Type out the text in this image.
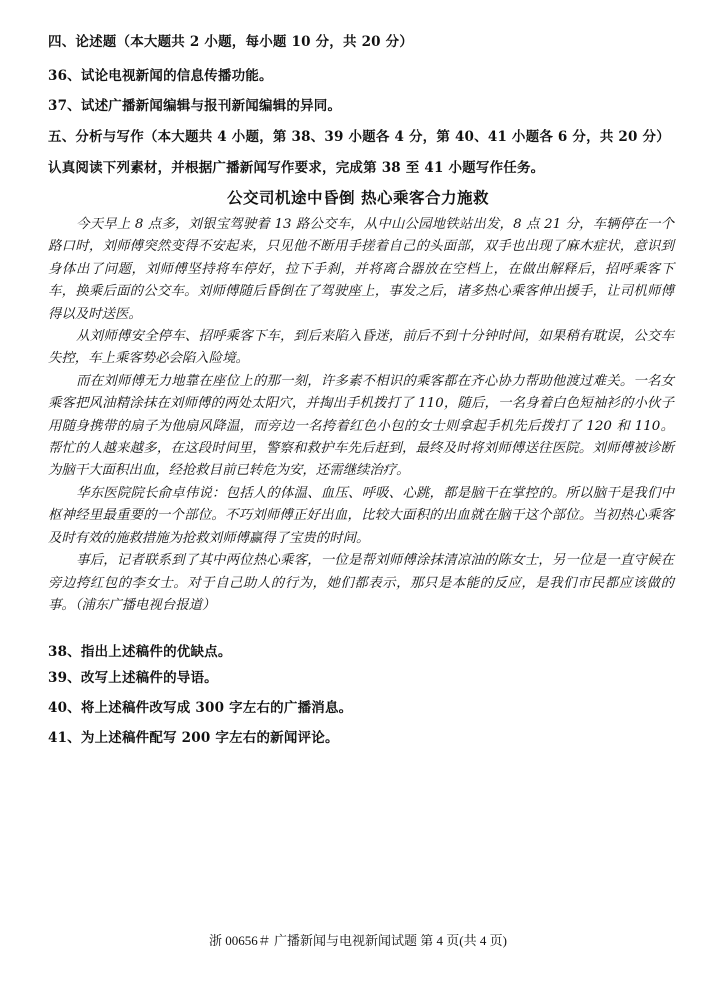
四、论述题（本大题共 2 小题，每小题 10 分，共 20 分）
36、试论电视新闻的信息传播功能。
37、试述广播新闻编辑与报刊新闻编辑的异同。
五、分析与写作（本大题共 4 小题，第 38、39 小题各 4 分，第 40、41 小题各 6 分，共 20 分）
认真阅读下列素材，并根据广播新闻写作要求，完成第 38 至 41 小题写作任务。
公交司机途中昏倒 热心乘客合力施救

今天早上 8 点多，刘银宝驾驶着 13 路公交车，从中山公园地铁站出发，8 点 21 分，车辆停在一个路口时，刘师傅突然变得不安起来，只见他不断用手搓着自己的头面部，双手也出现了麻木症状，意识到身体出了问题，刘师傅坚持将车停好，拉下手刹，并将离合器放在空档上，在做出解释后，招呼乘客下车，换乘后面的公交车。刘师傅随后昏倒在了驾驶座上，事发之后，诸多热心乘客伸出援手，让司机师傅得以及时送医。

从刘师傅安全停车、招呼乘客下车，到后来陷入昏迷，前后不到十分钟时间，如果稍有耽误，公交车失控，车上乘客势必会陷入险境。

而在刘师傅无力地靠在座位上的那一刻，许多素不相识的乘客都在齐心协力帮助他渡过难关。一名女乘客把风油精涂抹在刘师傅的两处太阳穴，并掏出手机拨打了 110，随后，一名身着白色短袖衫的小伙子用随身携带的扇子为他扇风降温，而旁边一名挎着红色小包的女士则拿起手机先后拨打了 120 和 110。帮忙的人越来越多，在这段时间里，警察和救护车先后赶到，最终及时将刘师傅送往医院。刘师傅被诊断为脑干大面积出血，经抢救目前已转危为安，还需继续治疗。

华东医院院长俞卓伟说：包括人的体温、血压、呼吸、心跳，都是脑干在掌控的。所以脑干是我们中枢神经里最重要的一个部位。不巧刘师傅正好出血，比较大面积的出血就在脑干这个部位。当初热心乘客及时有效的施救措施为抢救刘师傅赢得了宝贵的时间。

事后，记者联系到了其中两位热心乘客，一位是帮刘师傅涂抹清凉油的陈女士，另一位是一直守候在旁边挎红包的李女士。对于自己助人的行为，她们都表示，那只是本能的反应，是我们市民都应该做的事。（浦东广播电视台报道）

38、指出上述稿件的优缺点。
39、改写上述稿件的导语。
40、将上述稿件改写成 300 字左右的广播消息。
41、为上述稿件配写 200 字左右的新闻评论。
浙 00656＃ 广播新闻与电视新闻试题 第 4 页(共 4 页)
